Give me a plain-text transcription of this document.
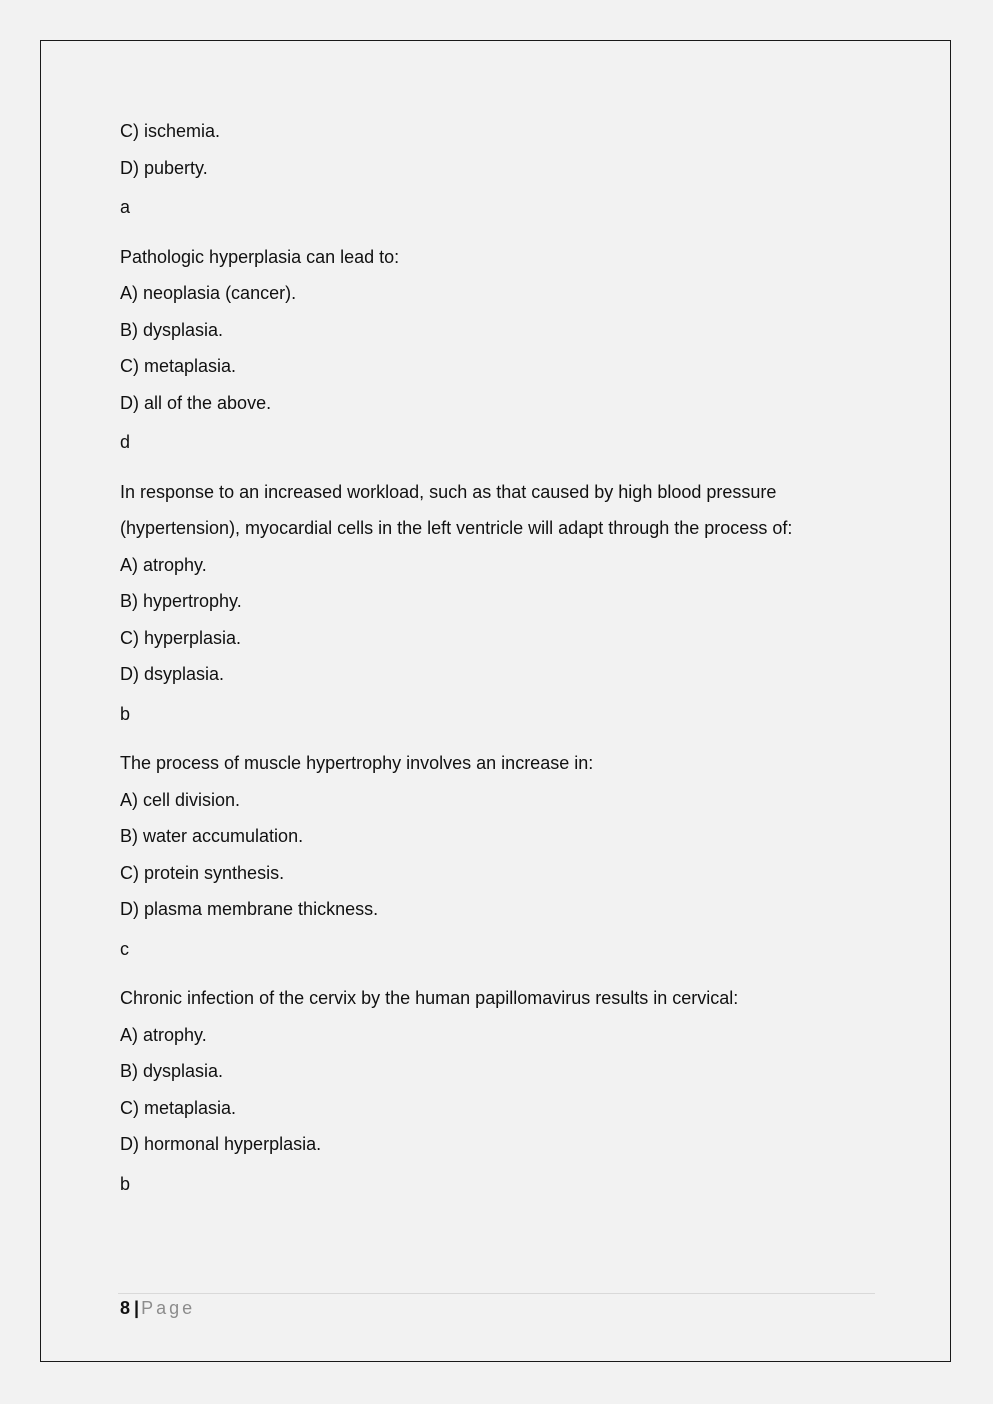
C) ischemia.
D) puberty.
a
Pathologic hyperplasia can lead to:
A) neoplasia (cancer).
B) dysplasia.
C) metaplasia.
D) all of the above.
d
In response to an increased workload, such as that caused by high blood pressure
(hypertension), myocardial cells in the left ventricle will adapt through the process of:
A) atrophy.
B) hypertrophy.
C) hyperplasia.
D) dsyplasia.
b
The process of muscle hypertrophy involves an increase in:
A) cell division.
B) water accumulation.
C) protein synthesis.
D) plasma membrane thickness.
c
Chronic infection of the cervix by the human papillomavirus results in cervical:
A) atrophy.
B) dysplasia.
C) metaplasia.
D) hormonal hyperplasia.
b
8 | Page
